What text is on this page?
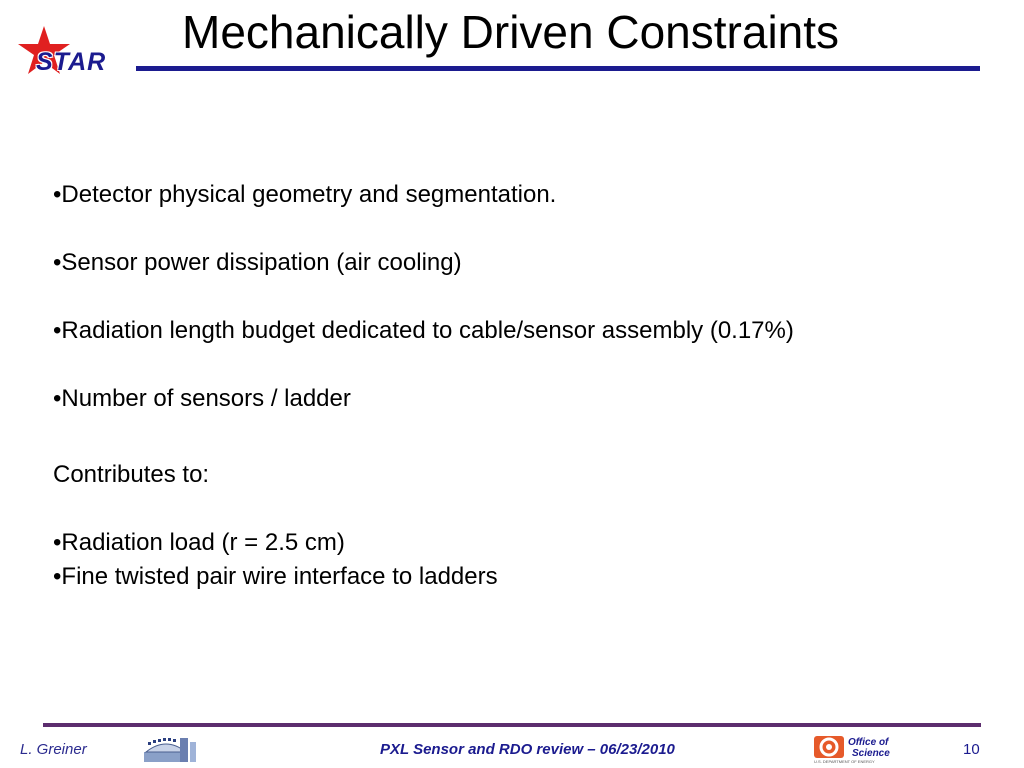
STAR
Mechanically Driven Constraints
•Detector physical geometry and segmentation.
•Sensor power dissipation (air cooling)
•Radiation length budget dedicated to cable/sensor assembly (0.17%)
•Number of sensors / ladder
Contributes to:
•Radiation load (r = 2.5 cm)
•Fine twisted pair wire interface to ladders
L. Greiner	PXL Sensor and RDO review – 06/23/2010	Office of
Science
U.S. DEPARTMENT OF ENERGY
10
